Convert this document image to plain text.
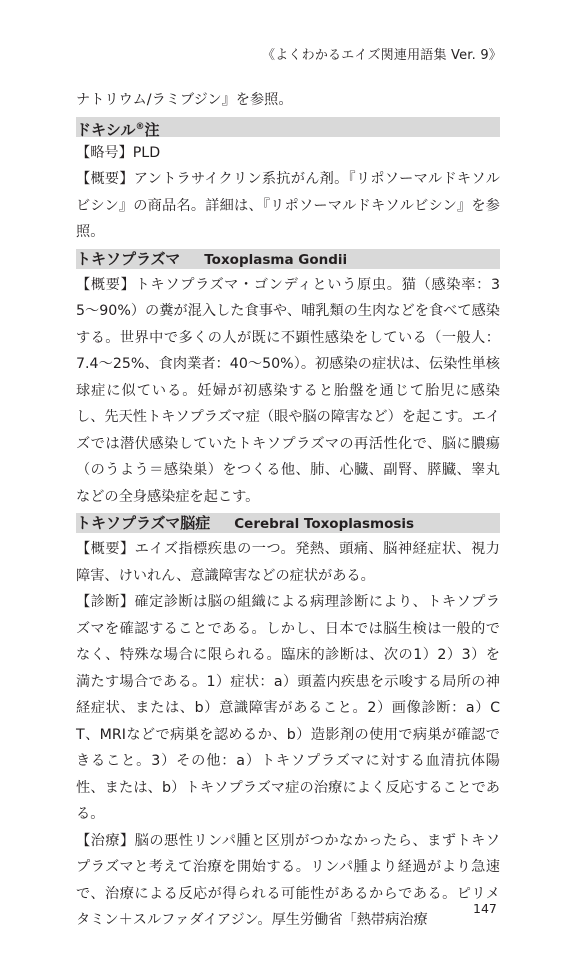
《よくわかるエイズ関連用語集 Ver. 9》

ナトリウム/ラミブジン』を参照。

ドキシル®注

【略号】PLD

【概要】アントラサイクリン系抗がん剤。『リポソーマルドキソルビシン』の商品名。詳細は、『リポソーマルドキソルビシン』を参照。

トキソプラズマ Toxoplasma Gondii

【概要】トキソプラズマ・ゴンディという原虫。猫（感染率：35〜90%）の糞が混入した食事や、哺乳類の生肉などを食べて感染する。世界中で多くの人が既に不顕性感染をしている（一般人：7.4〜25%、食肉業者：40〜50%）。初感染の症状は、伝染性単核球症に似ている。妊婦が初感染すると胎盤を通じて胎児に感染し、先天性トキソプラズマ症（眼や脳の障害など）を起こす。エイズでは潜伏感染していたトキソプラズマの再活性化で、脳に膿瘍（のうよう＝感染巣）をつくる他、肺、心臓、副腎、膵臓、睾丸などの全身感染症を起こす。

トキソプラズマ脳症 Cerebral Toxoplasmosis

【概要】エイズ指標疾患の一つ。発熱、頭痛、脳神経症状、視力障害、けいれん、意識障害などの症状がある。

【診断】確定診断は脳の組織による病理診断により、トキソプラズマを確認することである。しかし、日本では脳生検は一般的でなく、特殊な場合に限られる。臨床的診断は、次の1）2）3）を満たす場合である。1）症状：a）頭蓋内疾患を示唆する局所の神経症状、または、b）意識障害があること。2）画像診断：a）CT、MRIなどで病巣を認めるか、b）造影剤の使用で病巣が確認できること。3）その他：a）トキソプラズマに対する血清抗体陽性、または、b）トキソプラズマ症の治療によく反応することである。

【治療】脳の悪性リンパ腫と区別がつかなかったら、まずトキソプラズマと考えて治療を開始する。リンパ腫より経過がより急速で、治療による反応が得られる可能性があるからである。ピリメタミン＋スルファダイアジン。厚生労働省「熱帯病治療

147
